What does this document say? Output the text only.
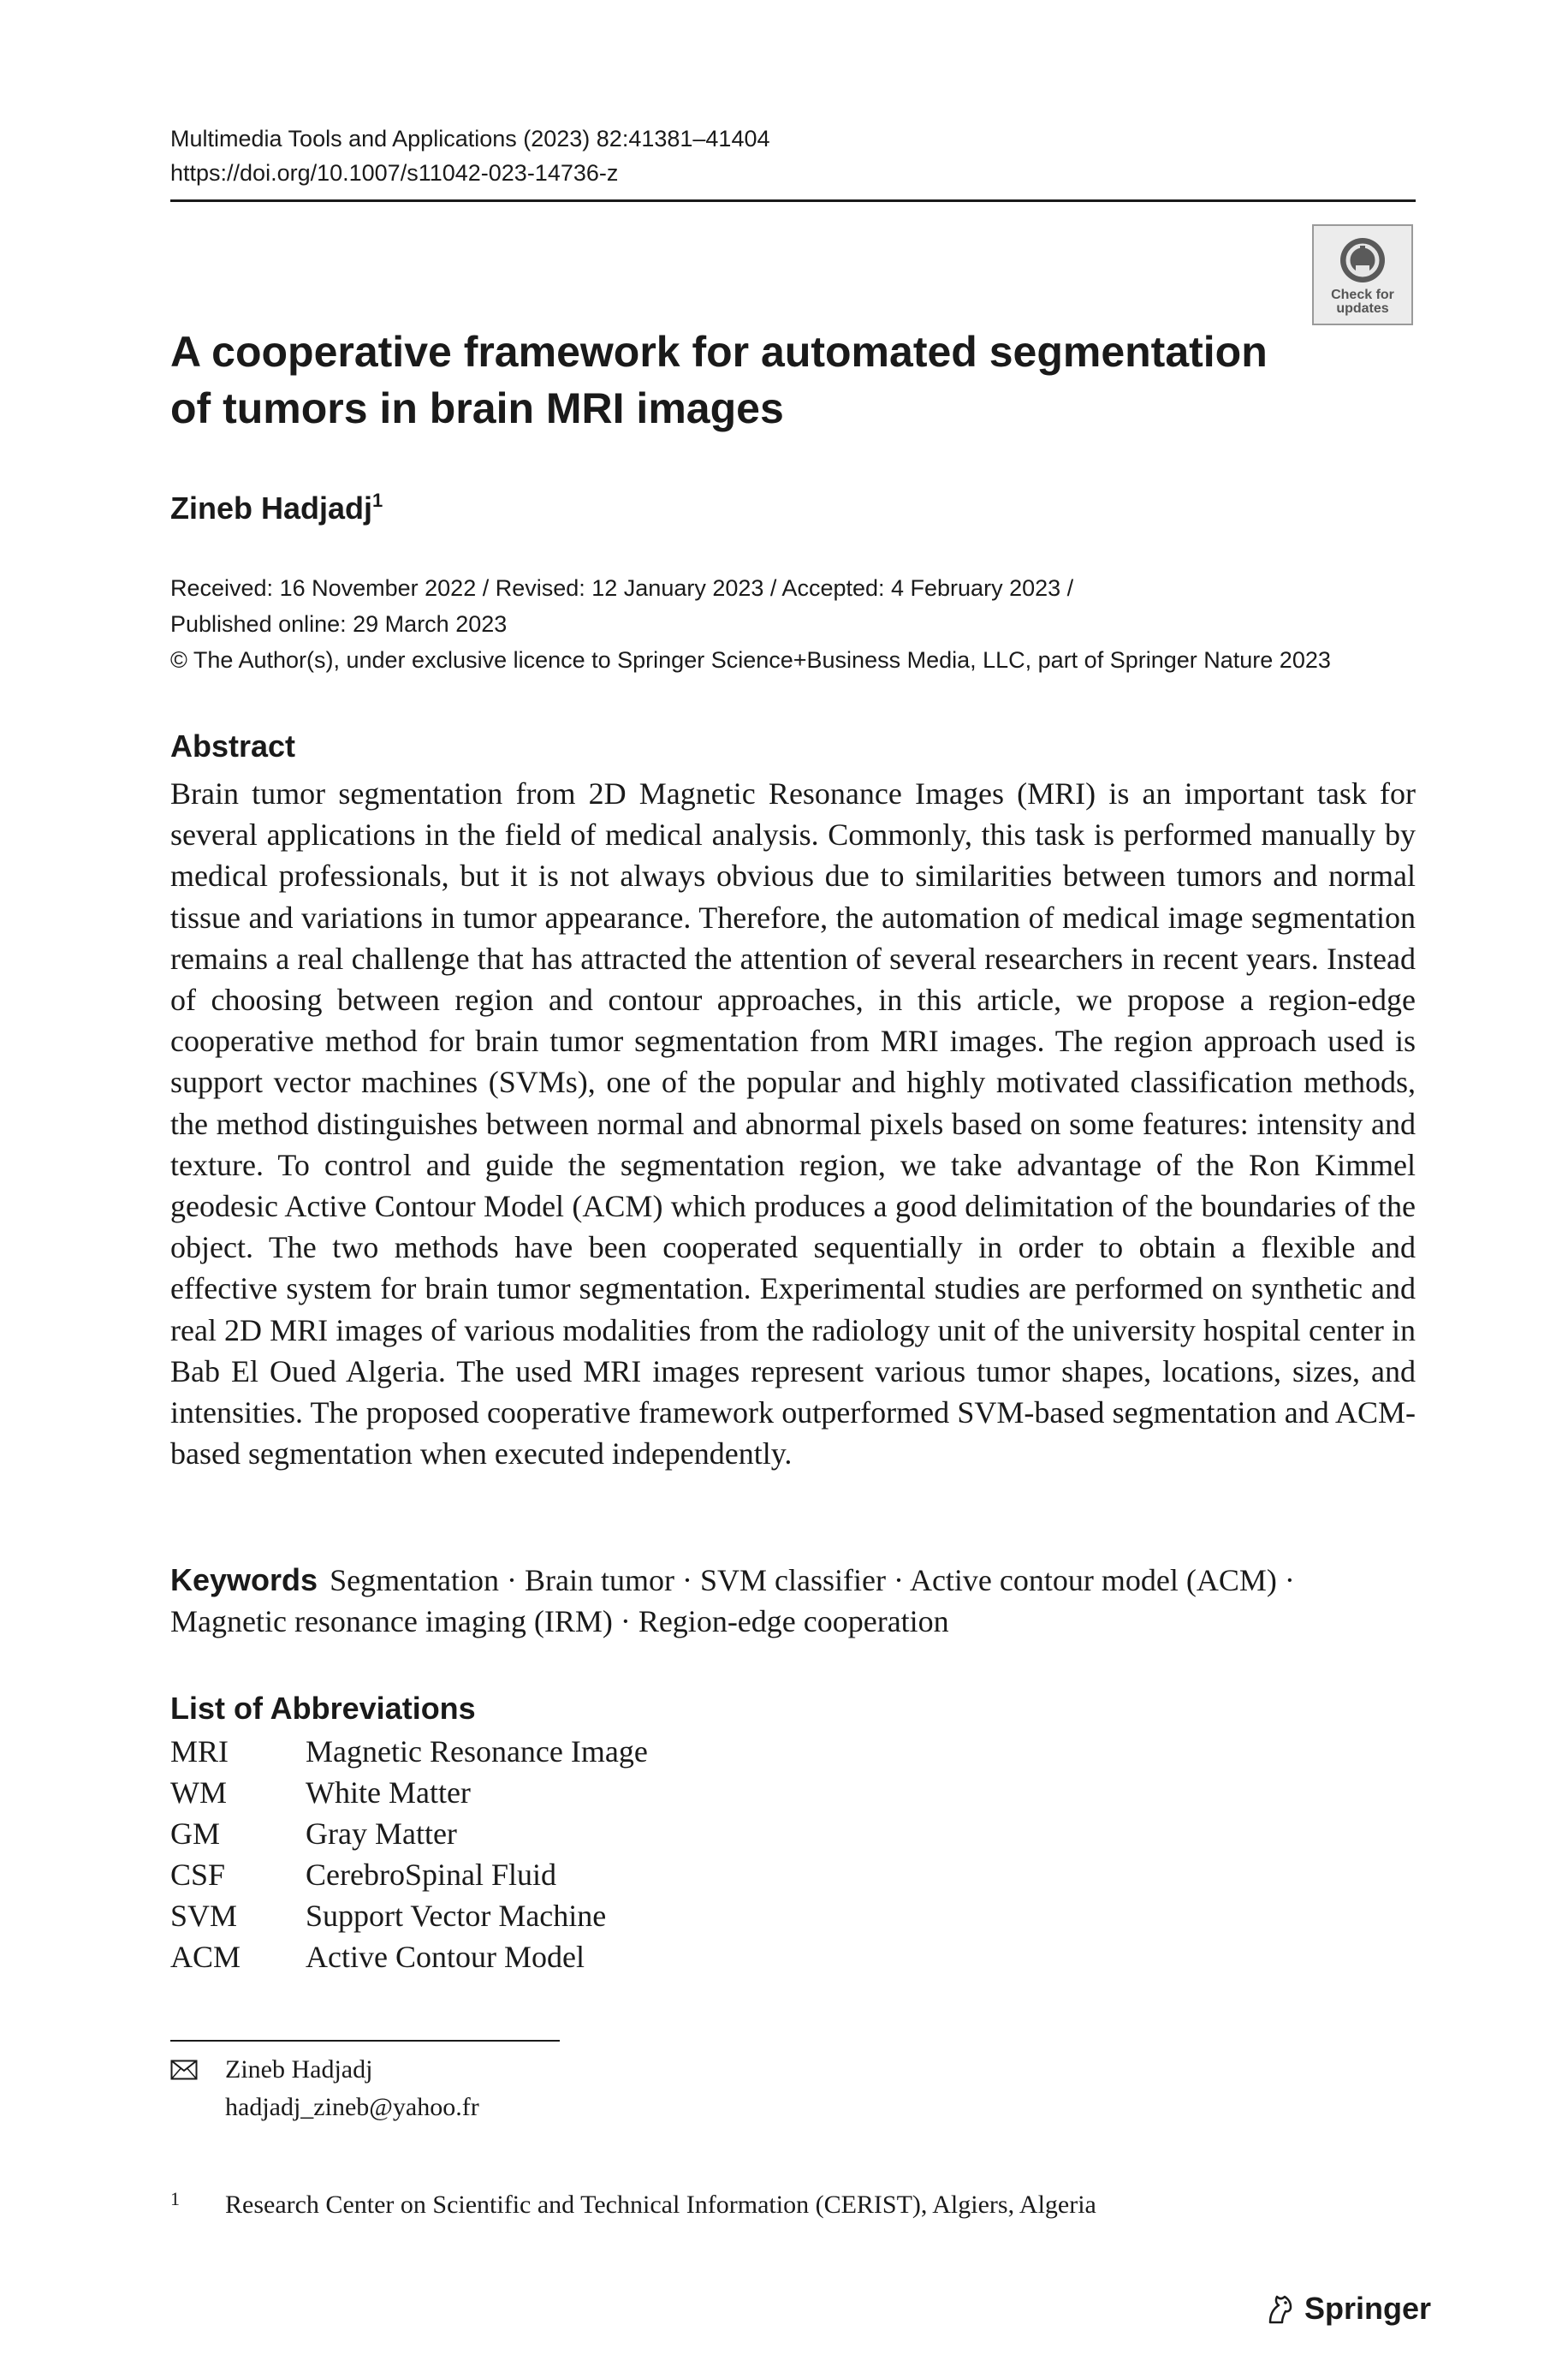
Multimedia Tools and Applications (2023) 82:41381–41404
https://doi.org/10.1007/s11042-023-14736-z
Check for
updates
A cooperative framework for automated segmentation
of tumors in brain MRI images
Zineb Hadjadj$^1$
Received: 16 November 2022 / Revised: 12 January 2023 / Accepted: 4 February 2023 /
Published online: 29 March 2023
© The Author(s), under exclusive licence to Springer Science+Business Media, LLC, part of Springer Nature 2023
Abstract
Brain tumor segmentation from 2D Magnetic Resonance Images (MRI) is an important task for several applications in the field of medical analysis. Commonly, this task is performed manually by medical professionals, but it is not always obvious due to similarities between tumors and normal tissue and variations in tumor appearance. Therefore, the automation of medical image segmentation remains a real challenge that has attracted the attention of several researchers in recent years. Instead of choosing between region and contour approaches, in this article, we propose a region-edge cooperative method for brain tumor segmentation from MRI images. The region approach used is support vector machines (SVMs), one of the popular and highly motivated classification methods, the method distinguishes between normal and abnormal pixels based on some features: intensity and texture. To control and guide the segmentation region, we take advantage of the Ron Kimmel geodesic Active Contour Model (ACM) which produces a good delimitation of the boundaries of the object. The two methods have been cooperated sequentially in order to obtain a flexible and effective system for brain tumor segmentation. Experimental studies are performed on synthetic and real 2D MRI images of various modalities from the radiology unit of the university hospital center in Bab El Oued Algeria. The used MRI images represent various tumor shapes, locations, sizes, and intensities. The proposed cooperative framework outperformed SVM-based segmentation and ACM-based segmentation when executed independently.
Keywords Segmentation · Brain tumor · SVM classifier · Active contour model (ACM) · Magnetic resonance imaging (IRM) · Region-edge cooperation
List of Abbreviations
MRI	Magnetic Resonance Image
WM	White Matter
GM	Gray Matter
CSF	CerebroSpinal Fluid
SVM	Support Vector Machine
ACM	Active Contour Model
Zineb Hadjadj
hadjadj_zineb@yahoo.fr
1	Research Center on Scientific and Technical Information (CERIST), Algiers, Algeria
Springer
